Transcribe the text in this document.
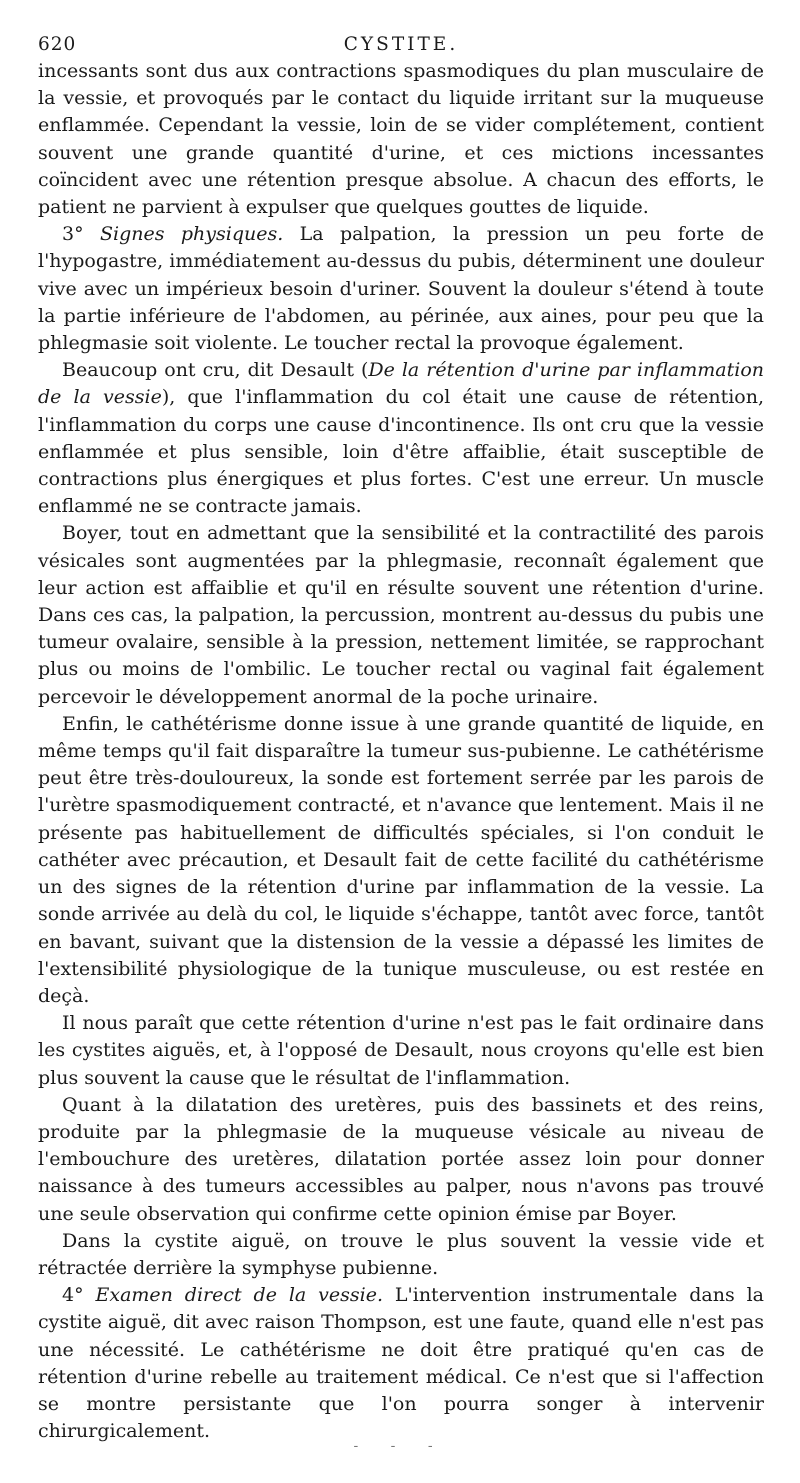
620	CYSTITE.

incessants sont dus aux contractions spasmodiques du plan musculaire de la vessie, et provoqués par le contact du liquide irritant sur la muqueuse enflammée. Cependant la vessie, loin de se vider complétement, contient souvent une grande quantité d'urine, et ces mictions incessantes coïncident avec une rétention presque absolue. A chacun des efforts, le patient ne parvient à expulser que quelques gouttes de liquide.

3° Signes physiques. La palpation, la pression un peu forte de l'hypogastre, immédiatement au-dessus du pubis, déterminent une douleur vive avec un impérieux besoin d'uriner. Souvent la douleur s'étend à toute la partie inférieure de l'abdomen, au périnée, aux aines, pour peu que la phlegmasie soit violente. Le toucher rectal la provoque également.

Beaucoup ont cru, dit Desault (De la rétention d'urine par inflammation de la vessie), que l'inflammation du col était une cause de rétention, l'inflammation du corps une cause d'incontinence. Ils ont cru que la vessie enflammée et plus sensible, loin d'être affaiblie, était susceptible de contractions plus énergiques et plus fortes. C'est une erreur. Un muscle enflammé ne se contracte jamais.

Boyer, tout en admettant que la sensibilité et la contractilité des parois vésicales sont augmentées par la phlegmasie, reconnaît également que leur action est affaiblie et qu'il en résulte souvent une rétention d'urine. Dans ces cas, la palpation, la percussion, montrent au-dessus du pubis une tumeur ovalaire, sensible à la pression, nettement limitée, se rapprochant plus ou moins de l'ombilic. Le toucher rectal ou vaginal fait également percevoir le développement anormal de la poche urinaire.

Enfin, le cathétérisme donne issue à une grande quantité de liquide, en même temps qu'il fait disparaître la tumeur sus-pubienne. Le cathétérisme peut être très-douloureux, la sonde est fortement serrée par les parois de l'urètre spasmodiquement contracté, et n'avance que lentement. Mais il ne présente pas habituellement de difficultés spéciales, si l'on conduit le cathéter avec précaution, et Desault fait de cette facilité du cathétérisme un des signes de la rétention d'urine par inflammation de la vessie. La sonde arrivée au delà du col, le liquide s'échappe, tantôt avec force, tantôt en bavant, suivant que la distension de la vessie a dépassé les limites de l'extensibilité physiologique de la tunique musculeuse, ou est restée en deçà.

Il nous paraît que cette rétention d'urine n'est pas le fait ordinaire dans les cystites aiguës, et, à l'opposé de Desault, nous croyons qu'elle est bien plus souvent la cause que le résultat de l'inflammation.

Quant à la dilatation des uretères, puis des bassinets et des reins, produite par la phlegmasie de la muqueuse vésicale au niveau de l'embouchure des uretères, dilatation portée assez loin pour donner naissance à des tumeurs accessibles au palper, nous n'avons pas trouvé une seule observation qui confirme cette opinion émise par Boyer.

Dans la cystite aiguë, on trouve le plus souvent la vessie vide et rétractée derrière la symphyse pubienne.

4° Examen direct de la vessie. L'intervention instrumentale dans la cystite aiguë, dit avec raison Thompson, est une faute, quand elle n'est pas une nécessité. Le cathétérisme ne doit être pratiqué qu'en cas de rétention d'urine rebelle au traitement médical. Ce n'est que si l'affection se montre persistante que l'on pourra songer à intervenir chirurgicalement.

- - -
